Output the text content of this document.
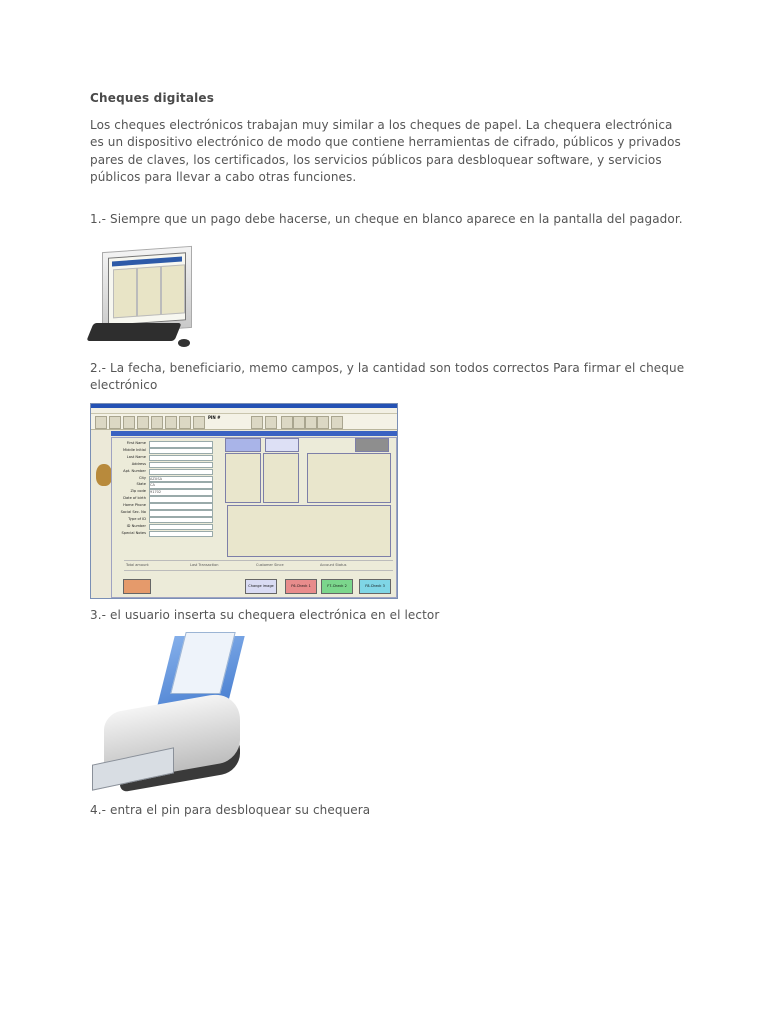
Cheques digitales
Los cheques electrónicos trabajan muy similar a los cheques de papel. La chequera electrónica es un dispositivo electrónico de modo que contiene herramientas de cifrado, públicos y privados pares de claves, los certificados, los servicios públicos para desbloquear software, y servicios públicos para llevar a cabo otras funciones.
1.- Siempre que un pago debe hacerse, un cheque en blanco aparece en la pantalla del pagador.
2.- La fecha, beneficiario, memo campos, y la cantidad son todos correctos Para firmar el cheque electrónico
PIN #
First Name
Middle Initial
Last Name
Address
Apt. Number
City AZUSA
State CA
Zip code 91702
Date of birth
Home Phone
Social Sec. No
Type of ID
ID Number
Special Notes
Total amount	Last Transaction	Customer Since	Account Status
Change image	F6-Check 1	F7-Check 2	F8-Check 3
3.- el usuario inserta su chequera electrónica en el lector
4.- entra el pin para desbloquear su chequera
